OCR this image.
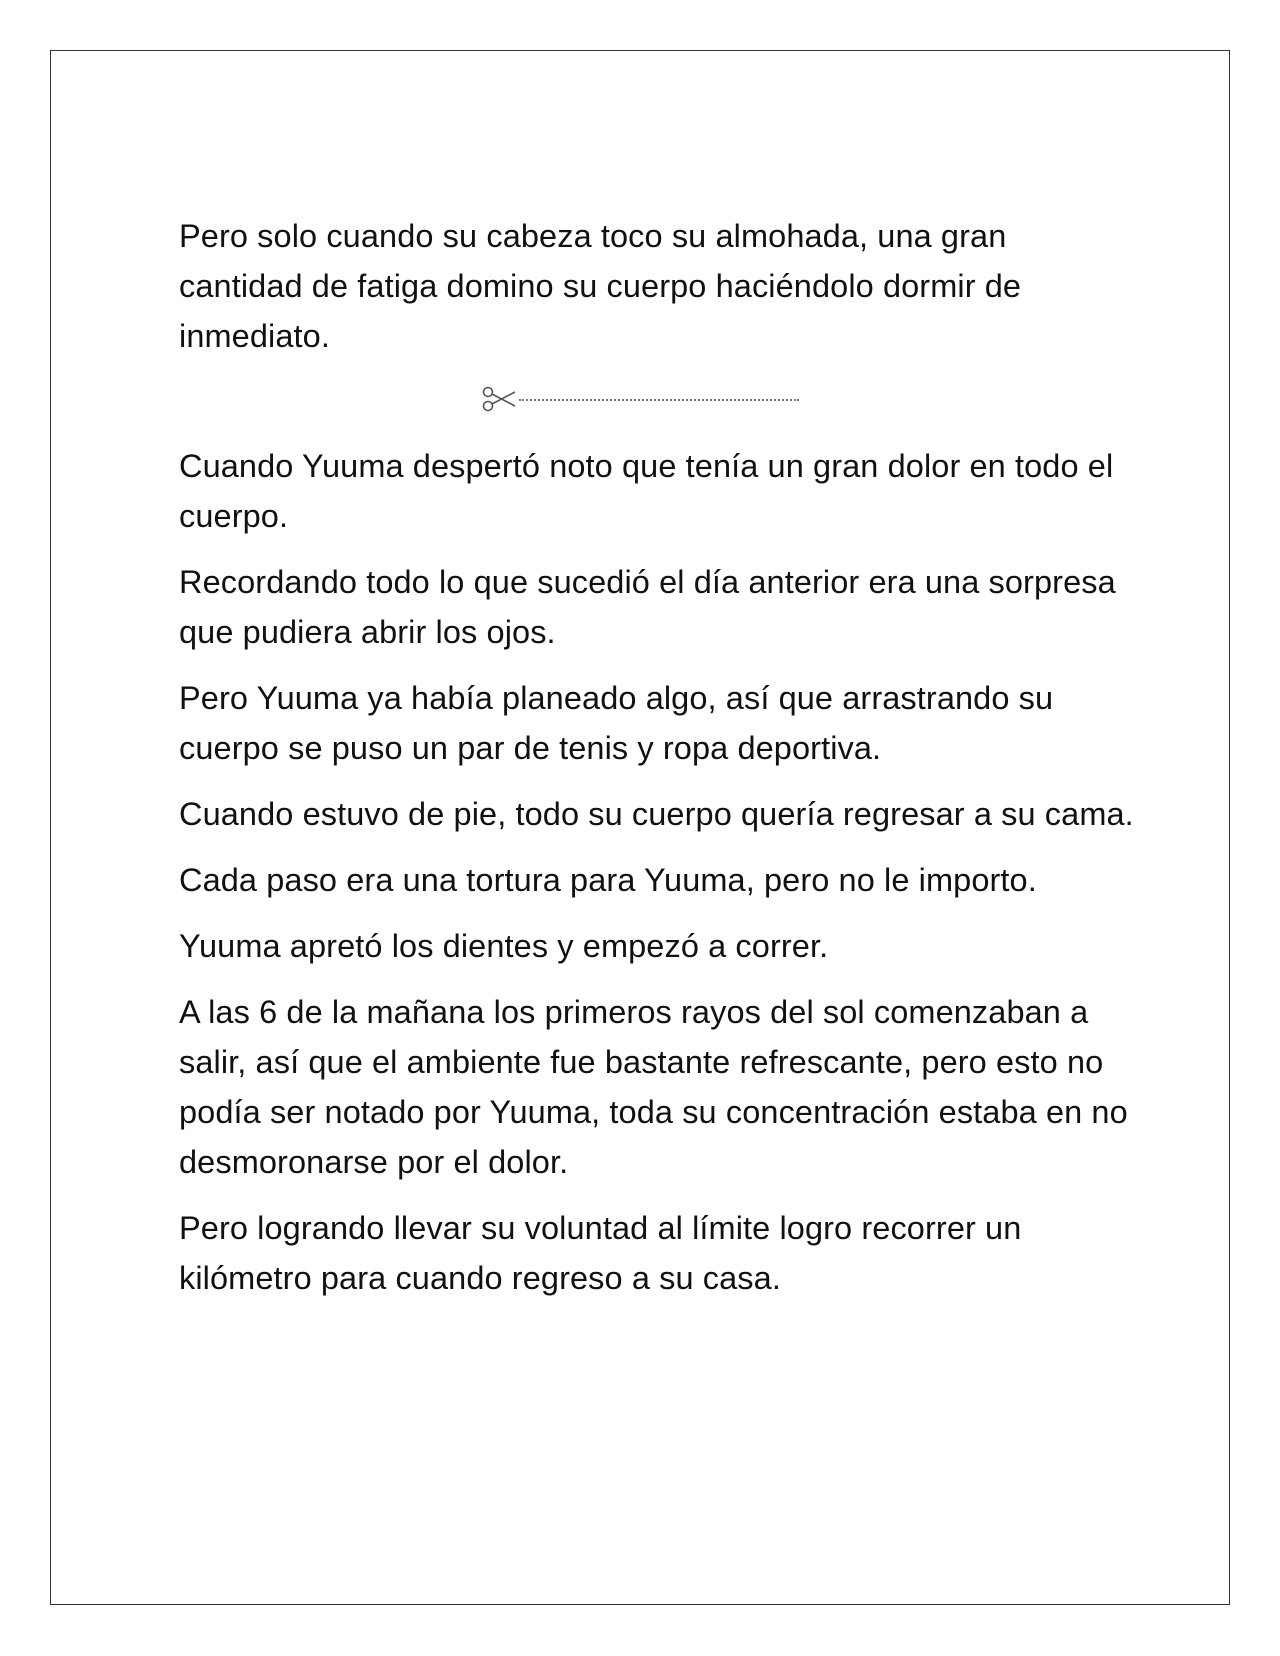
Pero solo cuando su cabeza toco su almohada, una gran cantidad de fatiga domino su cuerpo haciéndolo dormir de inmediato.

Cuando Yuuma despertó noto que tenía un gran dolor en todo el cuerpo.

Recordando todo lo que sucedió el día anterior era una sorpresa que pudiera abrir los ojos.

Pero Yuuma ya había planeado algo, así que arrastrando su cuerpo se puso un par de tenis y ropa deportiva.

Cuando estuvo de pie, todo su cuerpo quería regresar a su cama.

Cada paso era una tortura para Yuuma, pero no le importo.

Yuuma apretó los dientes y empezó a correr.

A las 6 de la mañana los primeros rayos del sol comenzaban a salir, así que el ambiente fue bastante refrescante, pero esto no podía ser notado por Yuuma, toda su concentración estaba en no desmoronarse por el dolor.

Pero logrando llevar su voluntad al límite logro recorrer un kilómetro para cuando regreso a su casa.
